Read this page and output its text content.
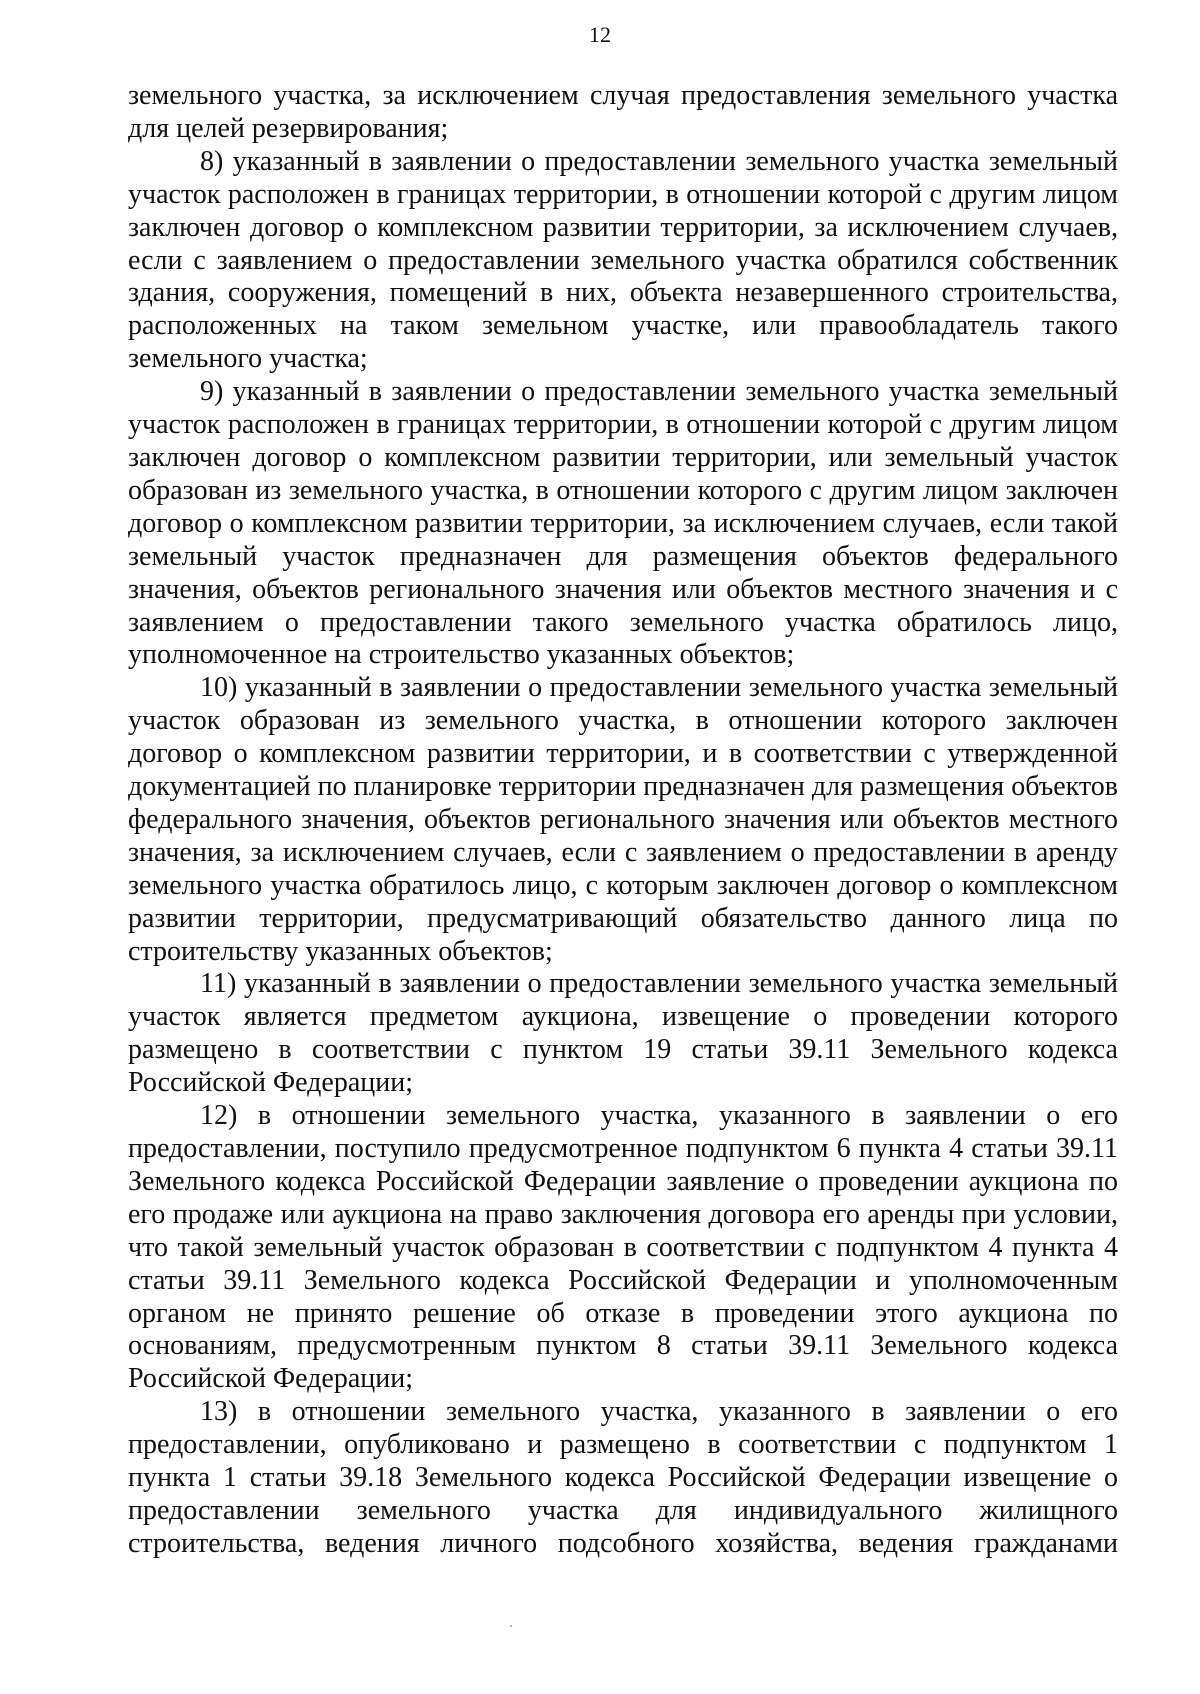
12

земельного участка, за исключением случая предоставления земельного участка для целей резервирования;

8) указанный в заявлении о предоставлении земельного участка земельный участок расположен в границах территории, в отношении которой с другим лицом заключен договор о комплексном развитии территории, за исключением случаев, если с заявлением о предоставлении земельного участка обратился собственник здания, сооружения, помещений в них, объекта незавершенного строительства, расположенных на таком земельном участке, или правообладатель такого земельного участка;

9) указанный в заявлении о предоставлении земельного участка земельный участок расположен в границах территории, в отношении которой с другим лицом заключен договор о комплексном развитии территории, или земельный участок образован из земельного участка, в отношении которого с другим лицом заключен договор о комплексном развитии территории, за исключением случаев, если такой земельный участок предназначен для размещения объектов федерального значения, объектов регионального значения или объектов местного значения и с заявлением о предоставлении такого земельного участка обратилось лицо, уполномоченное на строительство указанных объектов;

10) указанный в заявлении о предоставлении земельного участка земельный участок образован из земельного участка, в отношении которого заключен договор о комплексном развитии территории, и в соответствии с утвержденной документацией по планировке территории предназначен для размещения объектов федерального значения, объектов регионального значения или объектов местного значения, за исключением случаев, если с заявлением о предоставлении в аренду земельного участка обратилось лицо, с которым заключен договор о комплексном развитии территории, предусматривающий обязательство данного лица по строительству указанных объектов;

11) указанный в заявлении о предоставлении земельного участка земельный участок является предметом аукциона, извещение о проведении которого размещено в соответствии с пунктом 19 статьи 39.11 Земельного кодекса Российской Федерации;

12) в отношении земельного участка, указанного в заявлении о его предоставлении, поступило предусмотренное подпунктом 6 пункта 4 статьи 39.11 Земельного кодекса Российской Федерации заявление о проведении аукциона по его продаже или аукциона на право заключения договора его аренды при условии, что такой земельный участок образован в соответствии с подпунктом 4 пункта 4 статьи 39.11 Земельного кодекса Российской Федерации и уполномоченным органом не принято решение об отказе в проведении этого аукциона по основаниям, предусмотренным пунктом 8 статьи 39.11 Земельного кодекса Российской Федерации;

13) в отношении земельного участка, указанного в заявлении о его предоставлении, опубликовано и размещено в соответствии с подпунктом 1 пункта 1 статьи 39.18 Земельного кодекса Российской Федерации извещение о предоставлении земельного участка для индивидуального жилищного строительства, ведения личного подсобного хозяйства, ведения гражданами
